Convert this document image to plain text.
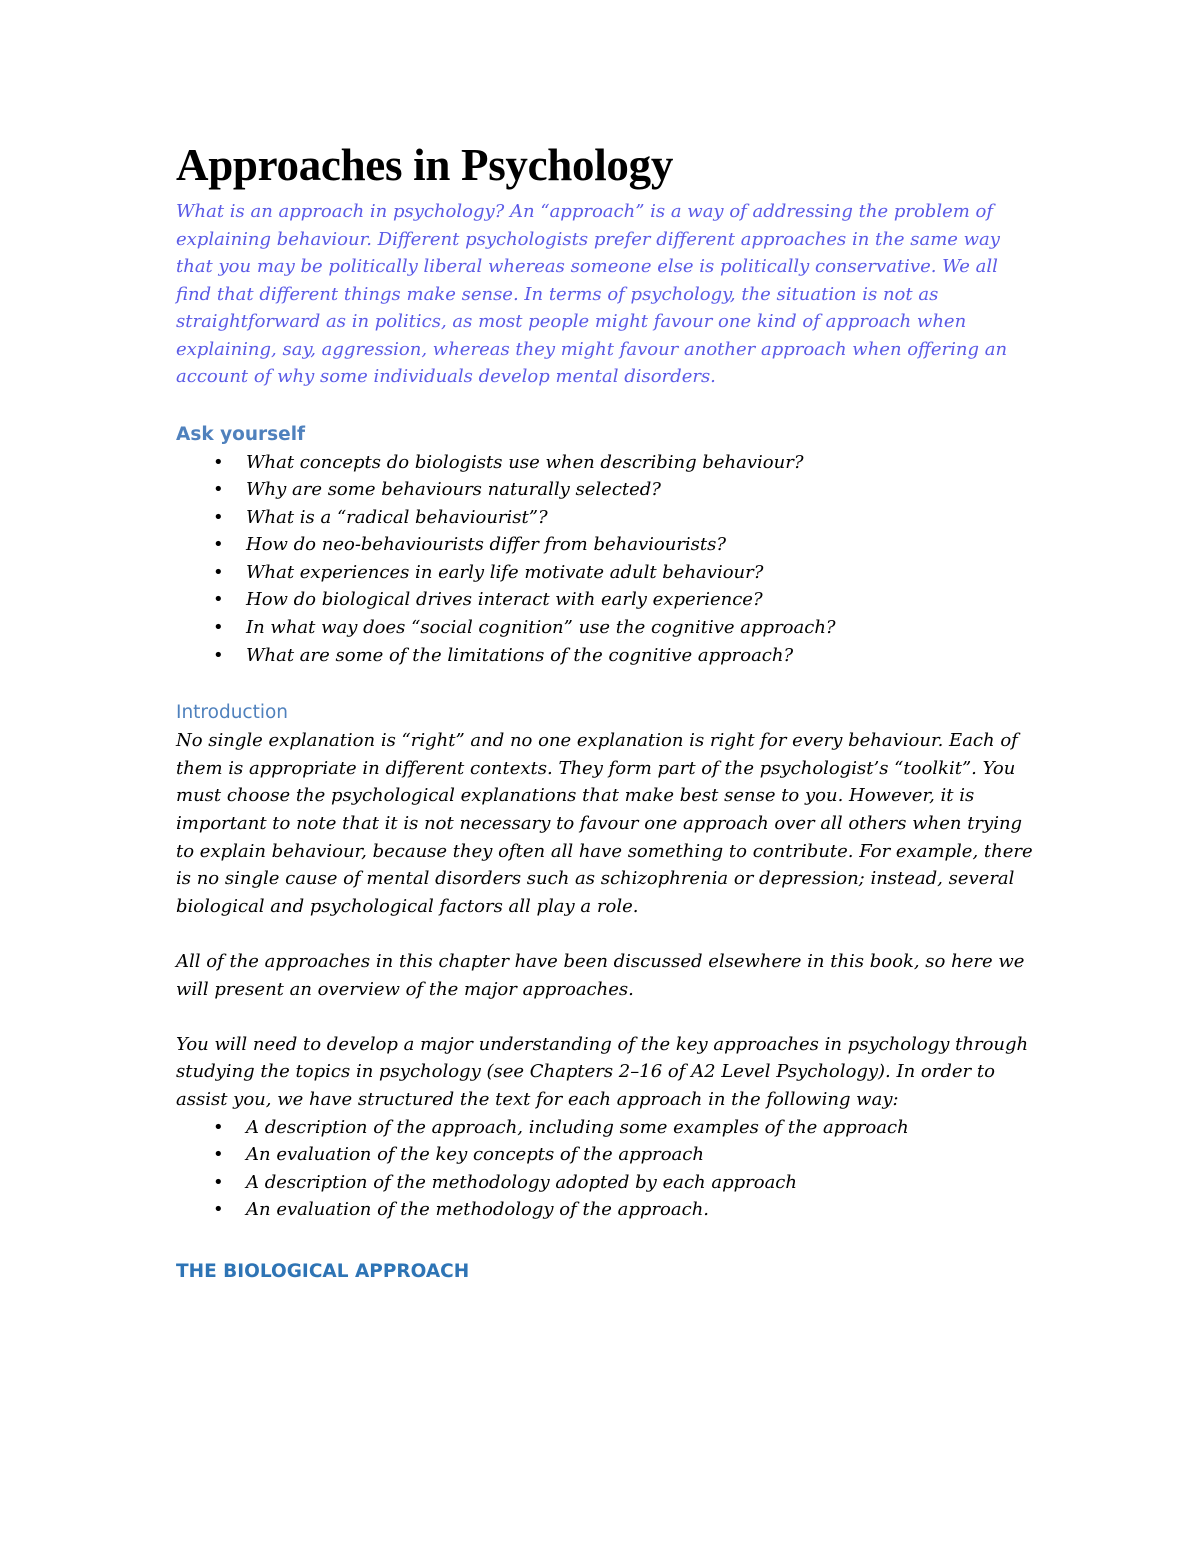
Approaches in Psychology

What is an approach in psychology? An “approach” is a way of addressing the problem of explaining behaviour. Different psychologists prefer different approaches in the same way that you may be politically liberal whereas someone else is politically conservative. We all find that different things make sense. In terms of psychology, the situation is not as straightforward as in politics, as most people might favour one kind of approach when explaining, say, aggression, whereas they might favour another approach when offering an account of why some individuals develop mental disorders.

Ask yourself
• What concepts do biologists use when describing behaviour?
• Why are some behaviours naturally selected?
• What is a “radical behaviourist”?
• How do neo-behaviourists differ from behaviourists?
• What experiences in early life motivate adult behaviour?
• How do biological drives interact with early experience?
• In what way does “social cognition” use the cognitive approach?
• What are some of the limitations of the cognitive approach?
Introduction

No single explanation is “right” and no one explanation is right for every behaviour. Each of them is appropriate in different contexts. They form part of the psychologist’s “toolkit”. You must choose the psychological explanations that make best sense to you. However, it is important to note that it is not necessary to favour one approach over all others when trying to explain behaviour, because they often all have something to contribute. For example, there is no single cause of mental disorders such as schizophrenia or depression; instead, several biological and psychological factors all play a role.

All of the approaches in this chapter have been discussed elsewhere in this book, so here we will present an overview of the major approaches.

You will need to develop a major understanding of the key approaches in psychology through studying the topics in psychology (see Chapters 2–16 of A2 Level Psychology). In order to assist you, we have structured the text for each approach in the following way:

• A description of the approach, including some examples of the approach
• An evaluation of the key concepts of the approach
• A description of the methodology adopted by each approach
• An evaluation of the methodology of the approach.
THE BIOLOGICAL APPROACH
